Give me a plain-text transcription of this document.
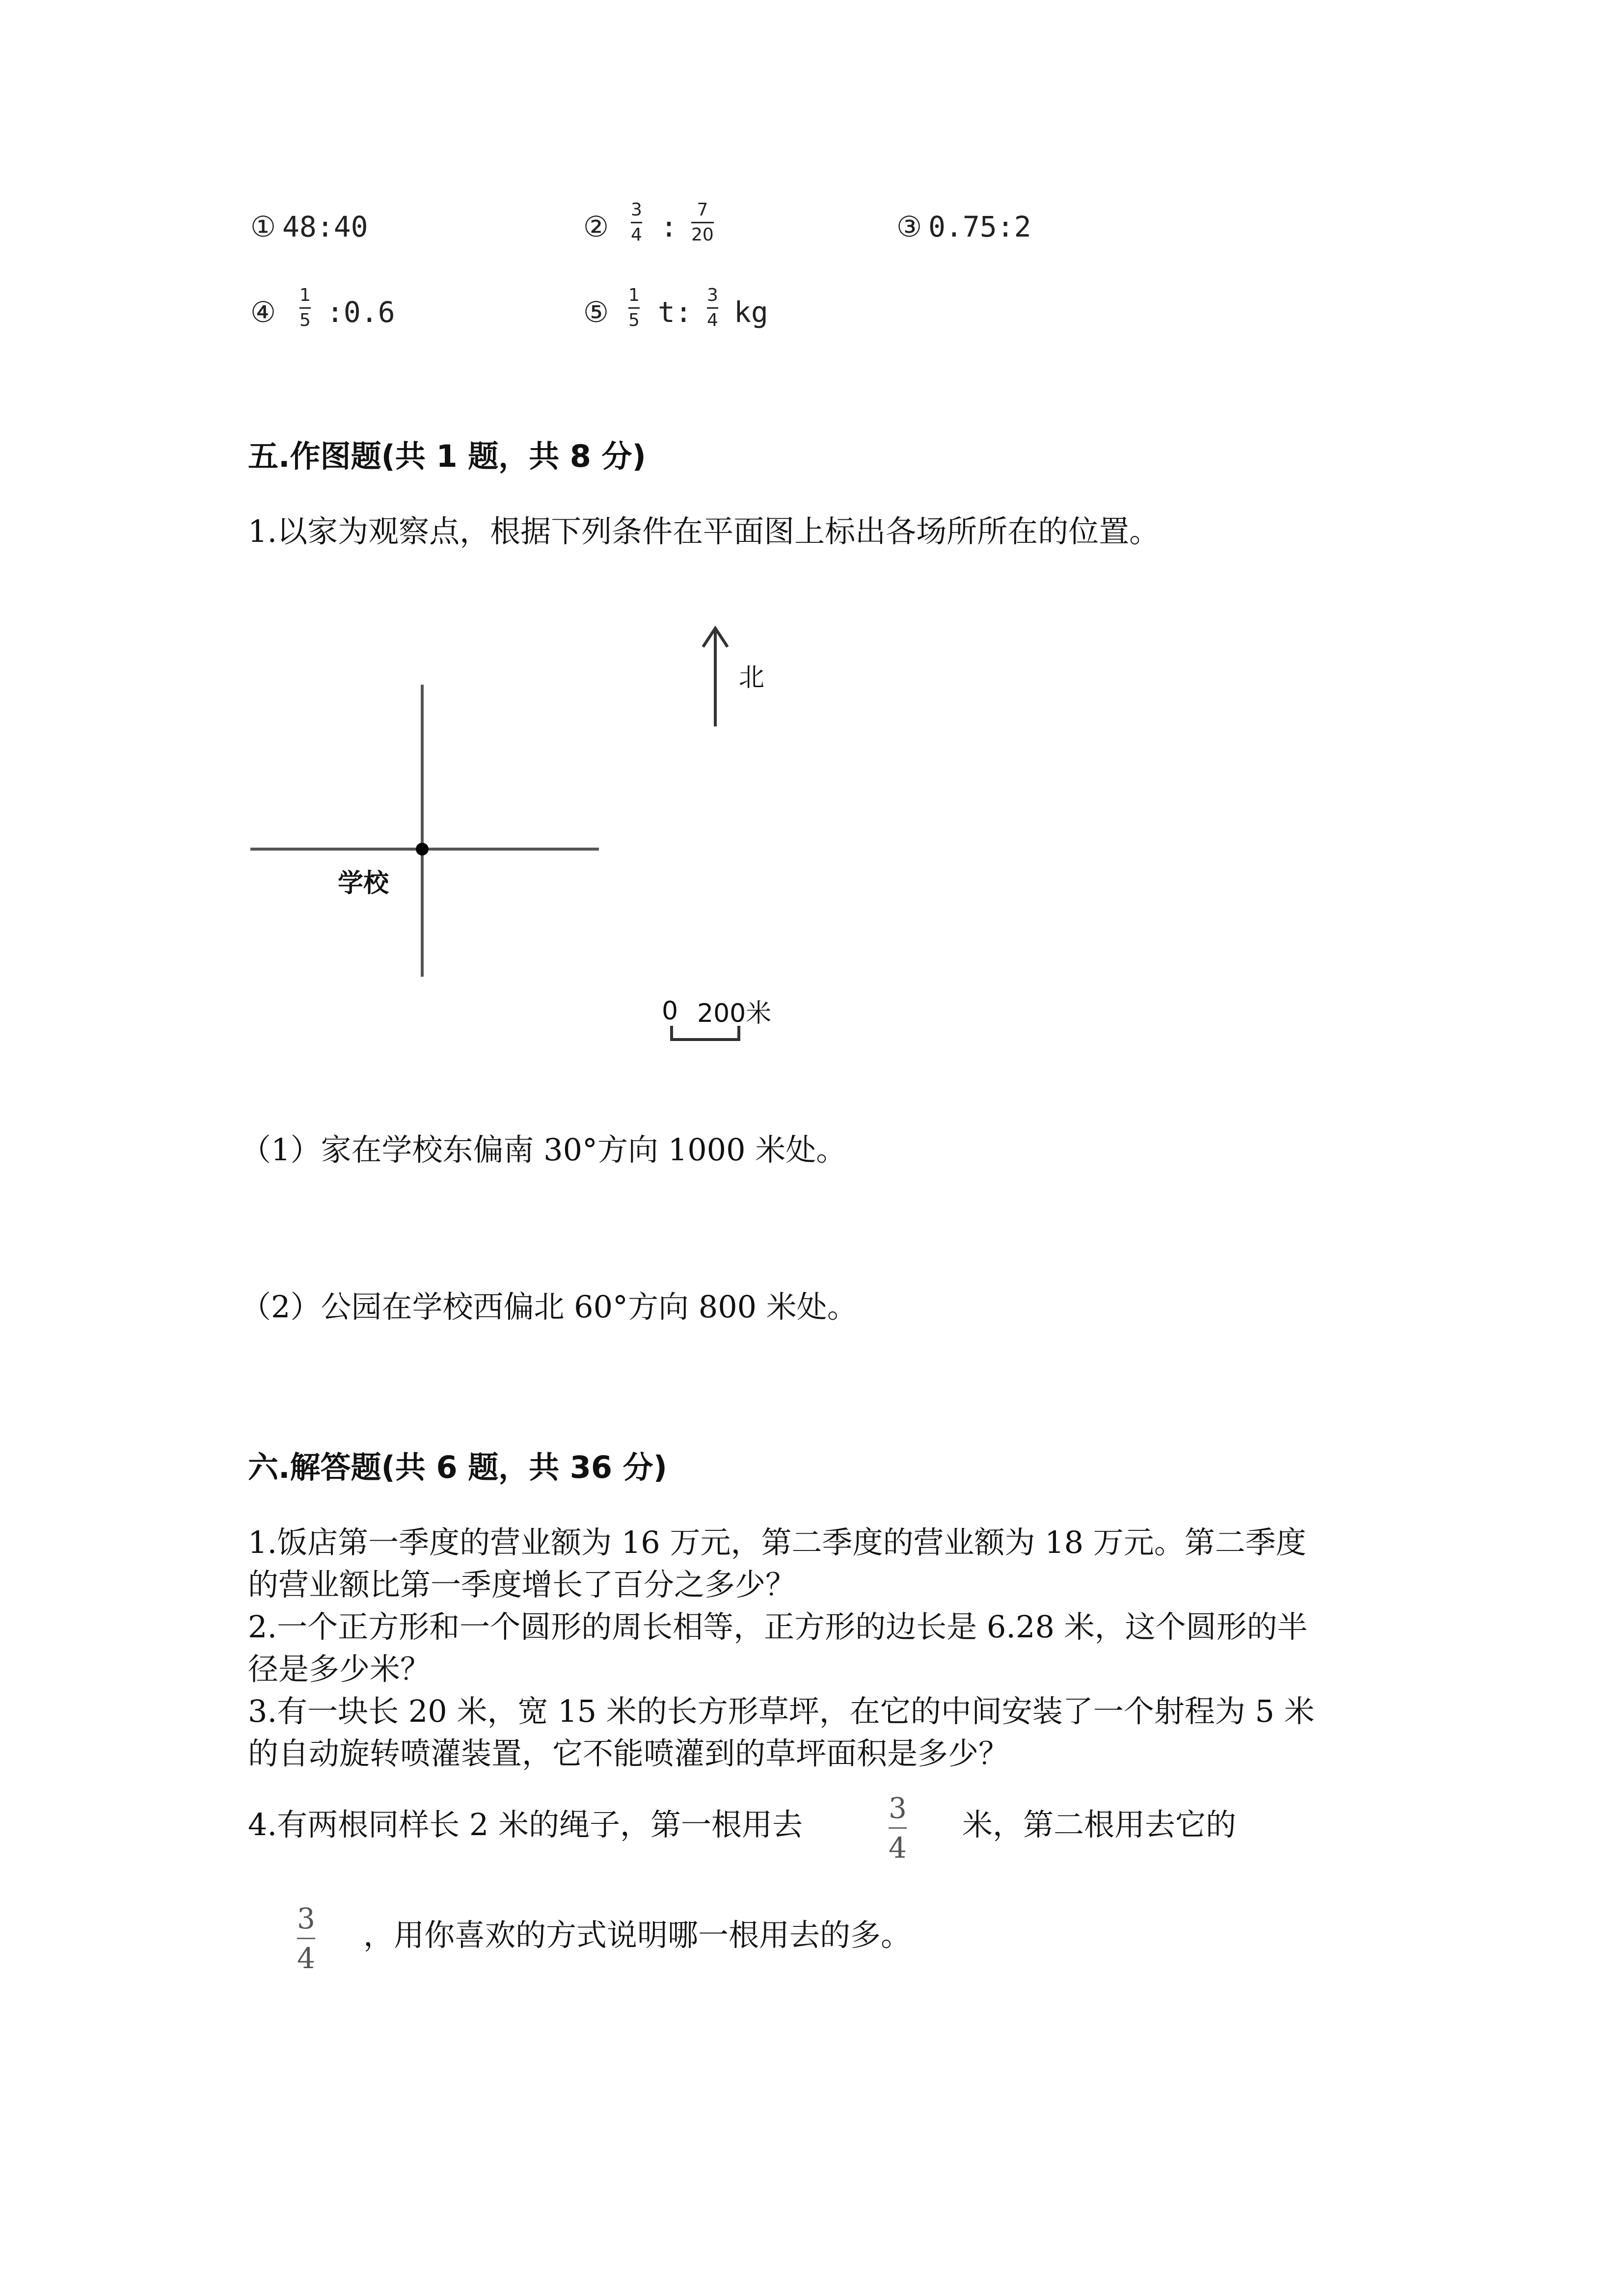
① 48:40	②
3
4 :
7
20	③ 0.75:2
④
1
5 :0.6	⑤
1
5 t:
3
4 kg
五.作图题(共 1 题，共 8 分)
1.以家为观察点，根据下列条件在平面图上标出各场所所在的位置。
北
学校
0 200米
（1）家在学校东偏南 30°方向 1000 米处。
（2）公园在学校西偏北 60°方向 800 米处。
六.解答题(共 6 题，共 36 分)
1.饭店第一季度的营业额为 16 万元，第二季度的营业额为 18 万元。第二季度
的营业额比第一季度增长了百分之多少？
2.一个正方形和一个圆形的周长相等，正方形的边长是 6.28 米，这个圆形的半
径是多少米？
3.有一块长 20 米，宽 15 米的长方形草坪，在它的中间安装了一个射程为 5 米
的自动旋转喷灌装置，它不能喷灌到的草坪面积是多少？
4.有两根同样长 2 米的绳子，第一根用去	3
4
米，第二根用去它的
3
4
，用你喜欢的方式说明哪一根用去的多。
